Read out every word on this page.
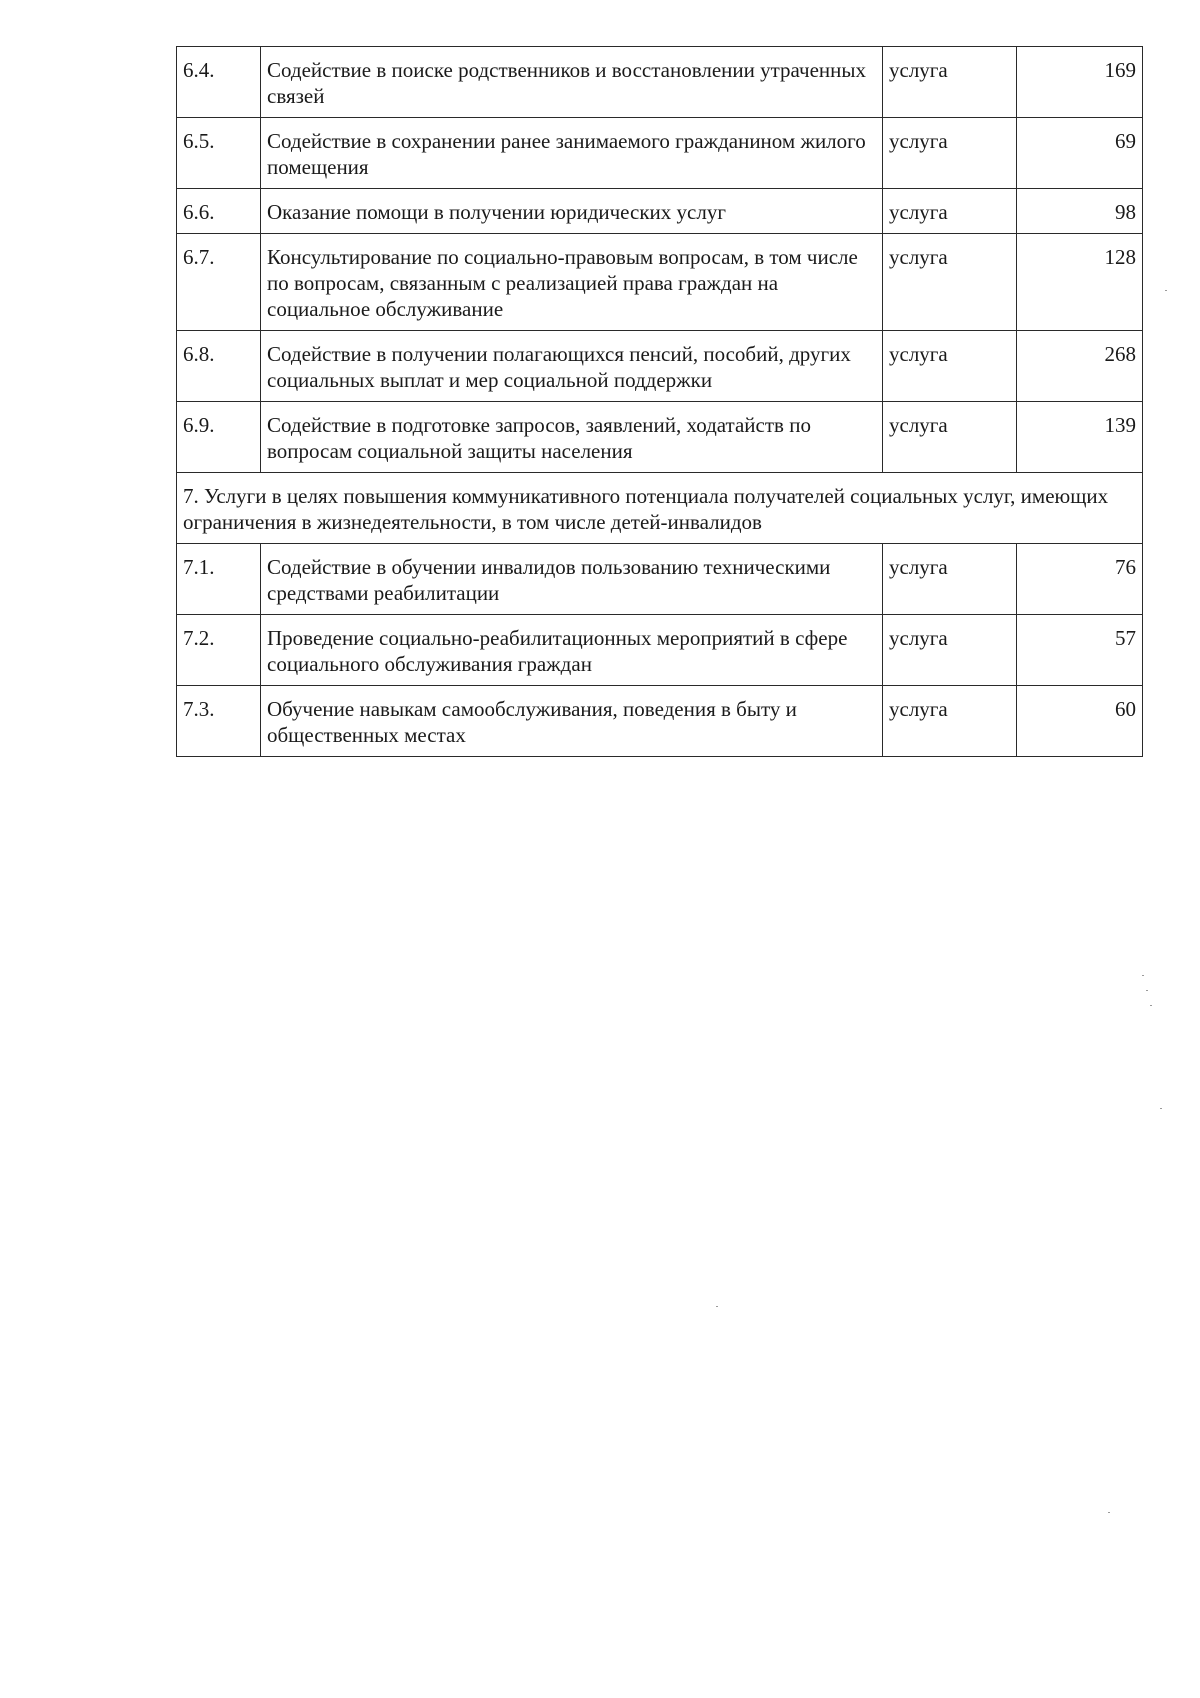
6.4.	Содействие в поиске родственников и восстановлении утраченных связей	услуга	169
6.5.	Содействие в сохранении ранее занимаемого гражданином жилого помещения	услуга	69
6.6.	Оказание помощи в получении юридических услуг	услуга	98
6.7.	Консультирование по социально-правовым вопросам, в том числе по вопросам, связанным с реализацией права граждан на социальное обслуживание	услуга	128
6.8.	Содействие в получении полагающихся пенсий, пособий, других социальных выплат и мер социальной поддержки	услуга	268
6.9.	Содействие в подготовке запросов, заявлений, ходатайств по вопросам социальной защиты населения	услуга	139
7. Услуги в целях повышения коммуникативного потенциала получателей социальных услуг, имеющих ограничения в жизнедеятельности, в том числе детей-инвалидов			
7.1.	Содействие в обучении инвалидов пользованию техническими средствами реабилитации	услуга	76
7.2.	Проведение социально-реабилитационных мероприятий в сфере социального обслуживания граждан	услуга	57
7.3.	Обучение навыкам самообслуживания, поведения в быту и общественных местах	услуга	60
